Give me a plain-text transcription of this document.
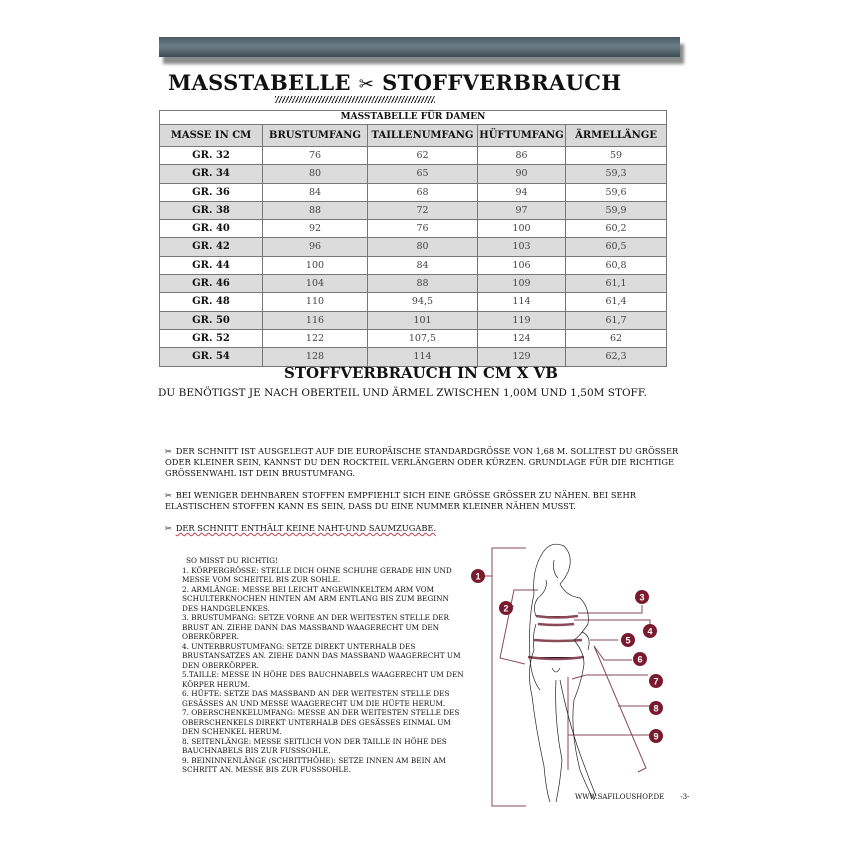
MASSTABELLE ✂ STOFFVERBRAUCH
MASSTABELLE FÜR DAMEN				
MASSE IN CM	BRUSTUMFANG	TAILLENUMFANG	HÜFTUMFANG	ÄRMELLÄNGE
GR. 32	76	62	86	59
GR. 34	80	65	90	59,3
GR. 36	84	68	94	59,6
GR. 38	88	72	97	59,9
GR. 40	92	76	100	60,2
GR. 42	96	80	103	60,5
GR. 44	100	84	106	60,8
GR. 46	104	88	109	61,1
GR. 48	110	94,5	114	61,4
GR. 50	116	101	119	61,7
GR. 52	122	107,5	124	62
GR. 54	128	114	129	62,3
STOFFVERBRAUCH IN CM X VB
DU BENÖTIGST JE NACH OBERTEIL UND ÄRMEL ZWISCHEN 1,00M UND 1,50M STOFF.

✂ DER SCHNITT IST AUSGELEGT AUF DIE EUROPÄISCHE STANDARDGRÖSSE VON 1,68 M. SOLLTEST DU GRÖSSER ODER KLEINER SEIN, KANNST DU DEN ROCKTEIL VERLÄNGERN ODER KÜRZEN. GRUNDLAGE FÜR DIE RICHTIGE GRÖSSENWAHL IST DEIN BRUSTUMFANG.

✂ BEI WENIGER DEHNBAREN STOFFEN EMPFIEHLT SICH EINE GRÖSSE GRÖSSER ZU NÄHEN. BEI SEHR ELASTISCHEN STOFFEN KANN ES SEIN, DASS DU EINE NUMMER KLEINER NÄHEN MUSST.

✂ DER SCHNITT ENTHÄLT KEINE NAHT-UND SAUMZUGABE.

SO MISST DU RICHTIG!
1. KÖRPERGRÖSSE: STELLE DICH OHNE SCHUHE GERADE HIN UND MESSE VOM SCHEITEL BIS ZUR SOHLE.
2. ARMLÄNGE: MESSE BEI LEICHT ANGEWINKELTEM ARM VOM SCHULTERKNOCHEN HINTEN AM ARM ENTLANG BIS ZUM BEGINN DES HANDGELENKES.
3. BRUSTUMFANG: SETZE VORNE AN DER WEITESTEN STELLE DER BRUST AN. ZIEHE DANN DAS MASSBAND WAAGERECHT UM DEN OBERKÖRPER.
4. UNTERBRUSTUMFANG: SETZE DIREKT UNTERHALB DES BRUSTANSATZES AN. ZIEHE DANN DAS MASSBAND WAAGERECHT UM DEN OBERKÖRPER.
5.TAILLE: MESSE IN HÖHE DES BAUCHNABELS WAAGERECHT UM DEN KÖRPER HERUM.
6. HÜFTE: SETZE DAS MASSBAND AN DER WEITESTEN STELLE DES GESÄSSES AN UND MESSE WAAGERECHT UM DIE HÜFTE HERUM.
7. OBERSCHENKELUMFANG: MESSE AN DER WEITESTEN STELLE DES OBERSCHENKELS DIREKT UNTERHALB DES GESÄSSES EINMAL UM DEN SCHENKEL HERUM.
8. SEITENLÄNGE: MESSE SEITLICH VON DER TAILLE IN HÖHE DES BAUCHNABELS BIS ZUR FUSSSOHLE.
9. BEININNENLÄNGE (SCHRITTHÖHE): SETZE INNEN AM BEIN AM SCHRITT AN. MESSE BIS ZUR FUSSSOHLE.
1
2
3
4
5
6
7
8
9
WWW.SAFILOUSHOP.DE -3-
